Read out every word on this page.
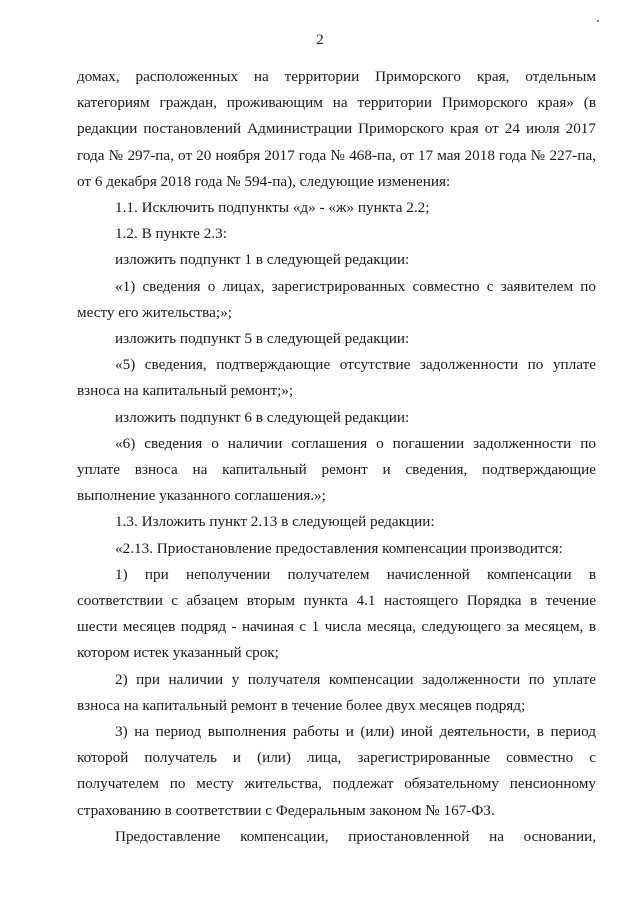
2

домах, расположенных на территории Приморского края, отдельным категориям граждан, проживающим на территории Приморского края» (в редакции постановлений Администрации Приморского края от 24 июля 2017 года № 297-па, от 20 ноября 2017 года № 468-па, от 17 мая 2018 года № 227-па, от 6 декабря 2018 года № 594-па), следующие изменения:

1.1. Исключить подпункты «д» - «ж» пункта 2.2;

1.2. В пункте 2.3:

изложить подпункт 1 в следующей редакции:

«1) сведения о лицах, зарегистрированных совместно с заявителем по месту его жительства;»;

изложить подпункт 5 в следующей редакции:

«5) сведения, подтверждающие отсутствие задолженности по уплате взноса на капитальный ремонт;»;

изложить подпункт 6 в следующей редакции:

«6) сведения о наличии соглашения о погашении задолженности по уплате взноса на капитальный ремонт и сведения, подтверждающие выполнение указанного соглашения.»;

1.3. Изложить пункт 2.13 в следующей редакции:

«2.13. Приостановление предоставления компенсации производится:

1) при неполучении получателем начисленной компенсации в соответствии с абзацем вторым пункта 4.1 настоящего Порядка в течение шести месяцев подряд - начиная с 1 числа месяца, следующего за месяцем, в котором истек указанный срок;

2) при наличии у получателя компенсации задолженности по уплате взноса на капитальный ремонт в течение более двух месяцев подряд;

3) на период выполнения работы и (или) иной деятельности, в период которой получатель и (или) лица, зарегистрированные совместно с получателем по месту жительства, подлежат обязательному пенсионному страхованию в соответствии с Федеральным законом № 167-ФЗ.

Предоставление компенсации, приостановленной на основании,
